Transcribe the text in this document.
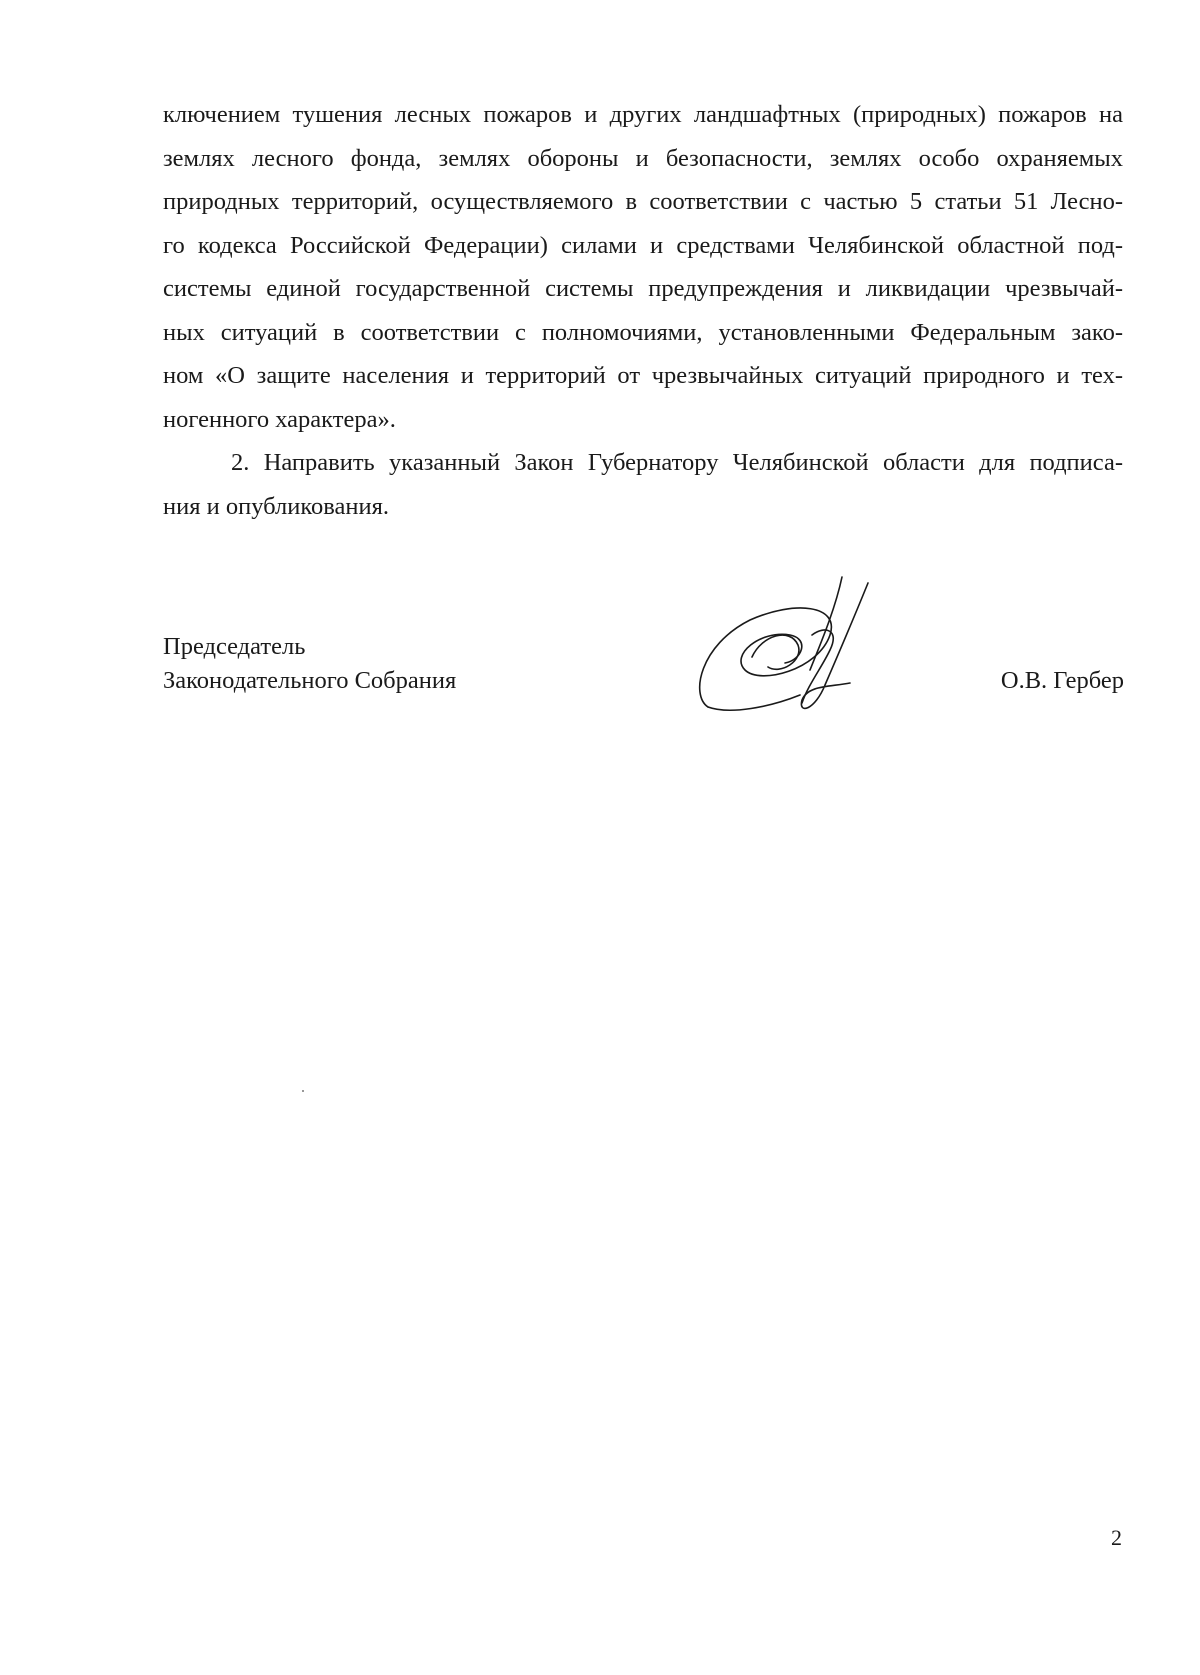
ключением тушения лесных пожаров и других ландшафтных (природных) пожаров на
землях лесного фонда, землях обороны и безопасности, землях особо охраняемых
природных территорий, осуществляемого в соответствии с частью 5 статьи 51 Лесно-
го кодекса Российской Федерации) силами и средствами Челябинской областной под-
системы единой государственной системы предупреждения и ликвидации чрезвычай-
ных ситуаций в соответствии с полномочиями, установленными Федеральным зако-
ном «О защите населения и территорий от чрезвычайных ситуаций природного и тех-
ногенного характера».
2. Направить указанный Закон Губернатору Челябинской области для подписа-
ния и опубликования.
Председатель
Законодательного Собрания	О.В. Гербер
2
